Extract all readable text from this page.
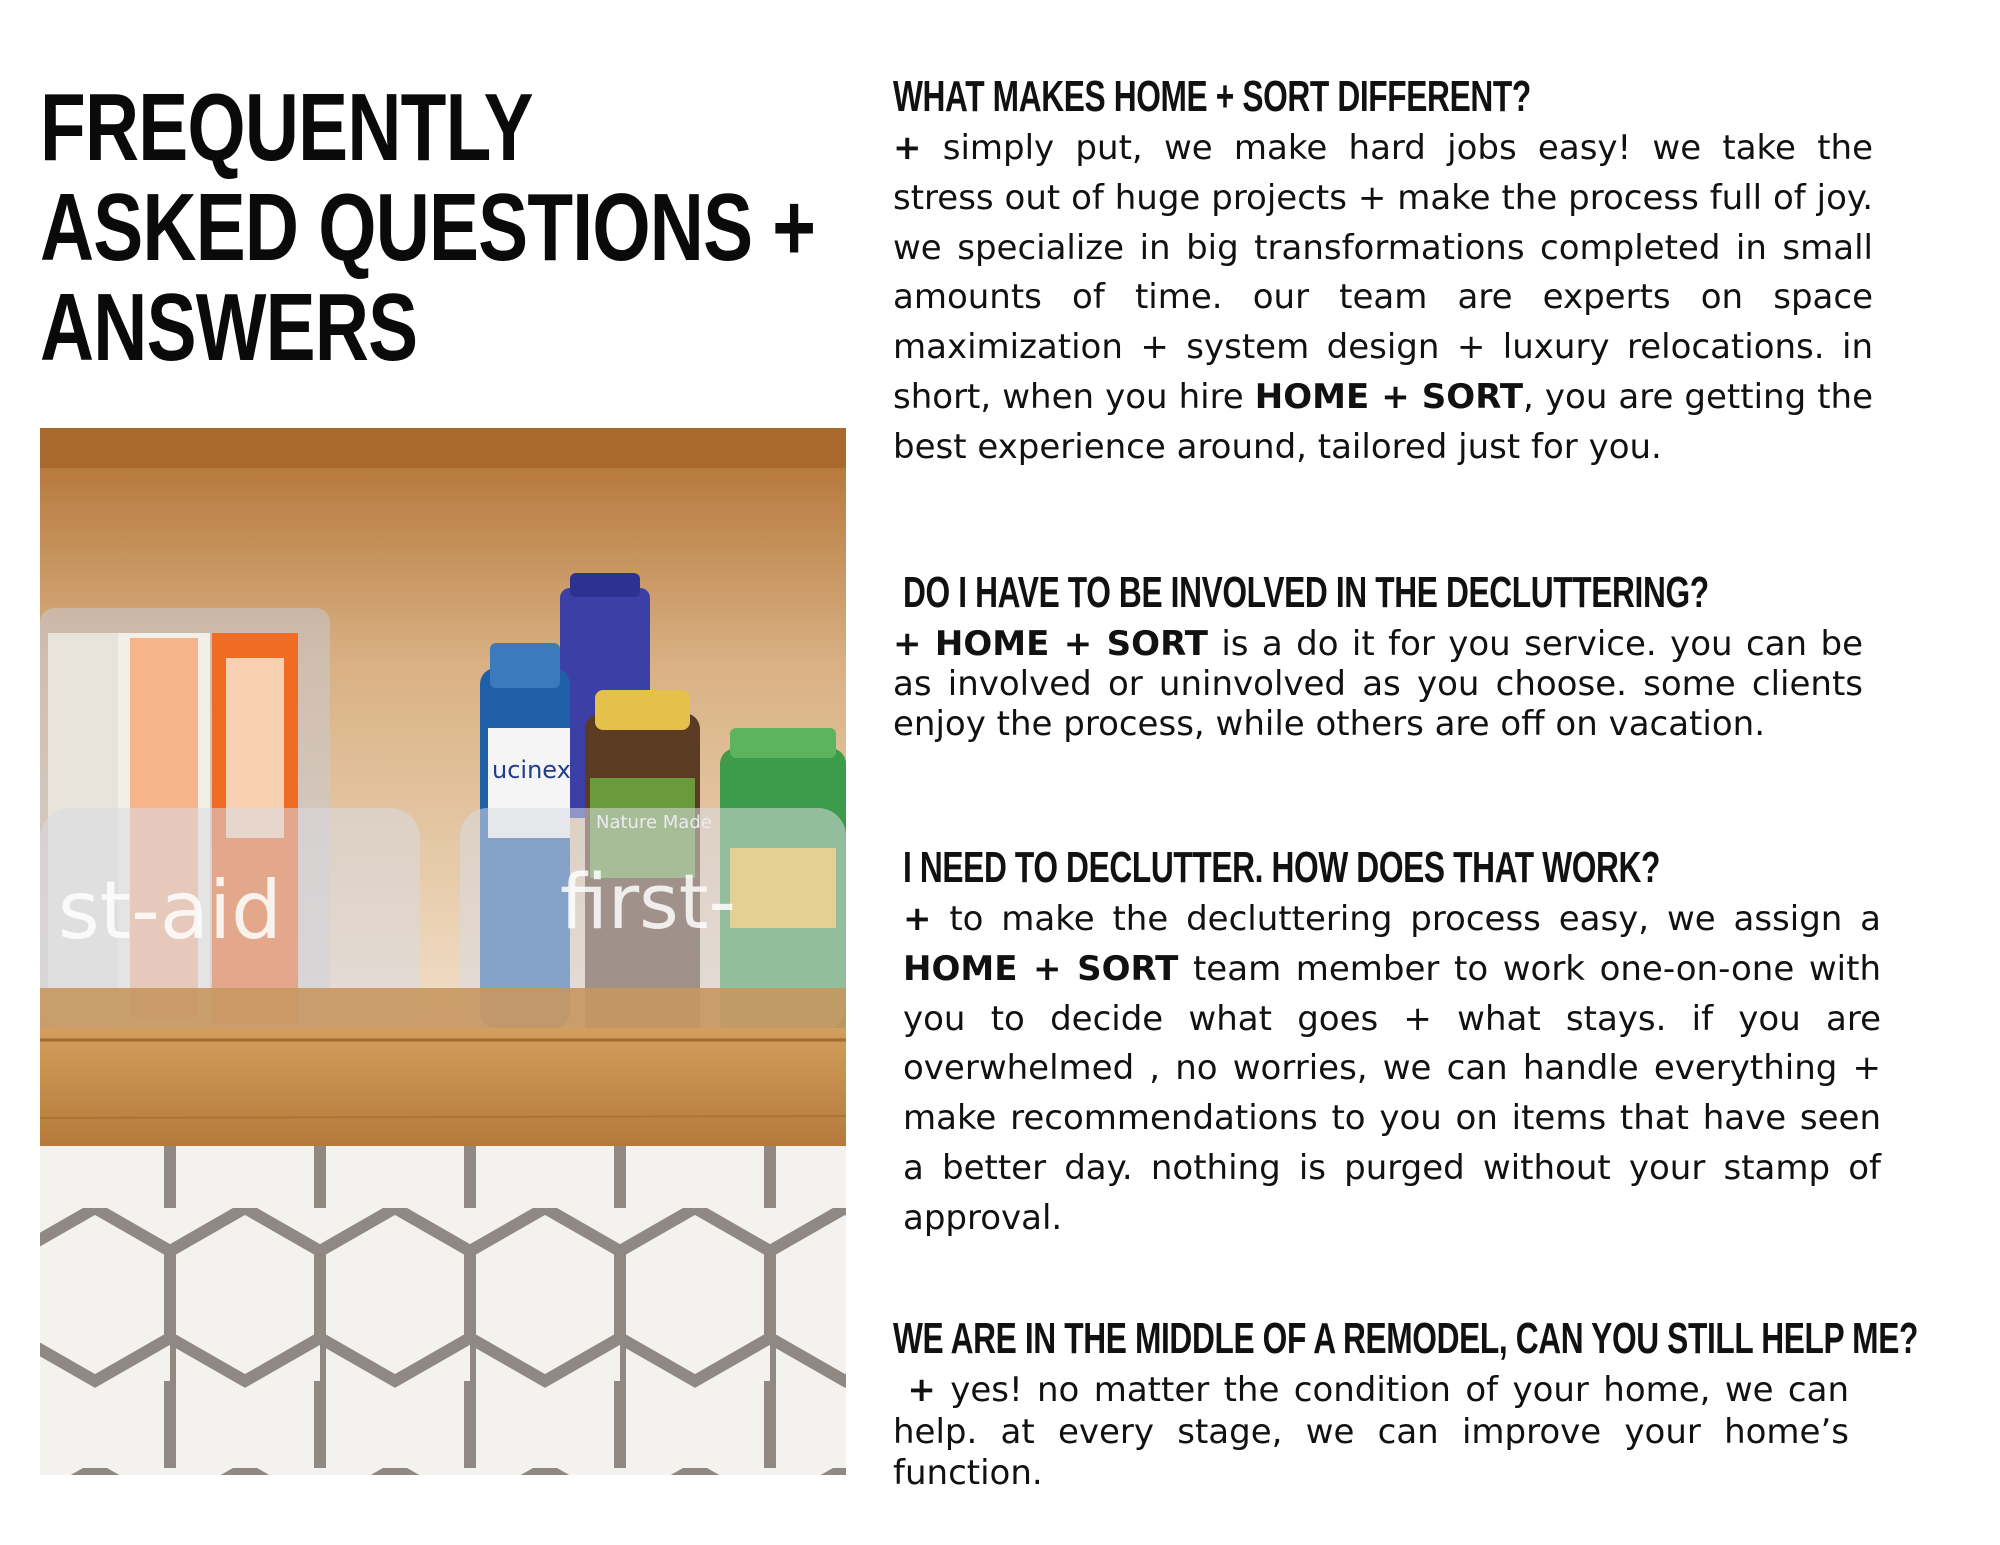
FREQUENTLY
ASKED QUESTIONS +
ANSWERS
st-aid
ucinex
first-
WHAT MAKES HOME + SORT DIFFERENT?

+ simply put, we make hard jobs easy! we take the stress out of huge projects + make the process full of joy. we specialize in big transformations completed in small amounts of time. our team are experts on space maximization + system design + luxury relocations. in short, when you hire HOME + SORT, you are getting the best experience around, tailored just for you.

DO I HAVE TO BE INVOLVED IN THE DECLUTTERING?

+ HOME + SORT is a do it for you service. you can be as involved or uninvolved as you choose. some clients enjoy the process, while others are off on vacation.

I NEED TO DECLUTTER. HOW DOES THAT WORK?

+ to make the decluttering process easy, we assign a HOME + SORT team member to work one-on-one with you to decide what goes + what stays. if you are overwhelmed , no worries, we can handle everything + make recommendations to you on items that have seen a better day. nothing is purged without your stamp of approval.

WE ARE IN THE MIDDLE OF A REMODEL, CAN YOU STILL HELP ME?

+ yes! no matter the condition of your home, we can help. at every stage, we can improve your home’s function.
